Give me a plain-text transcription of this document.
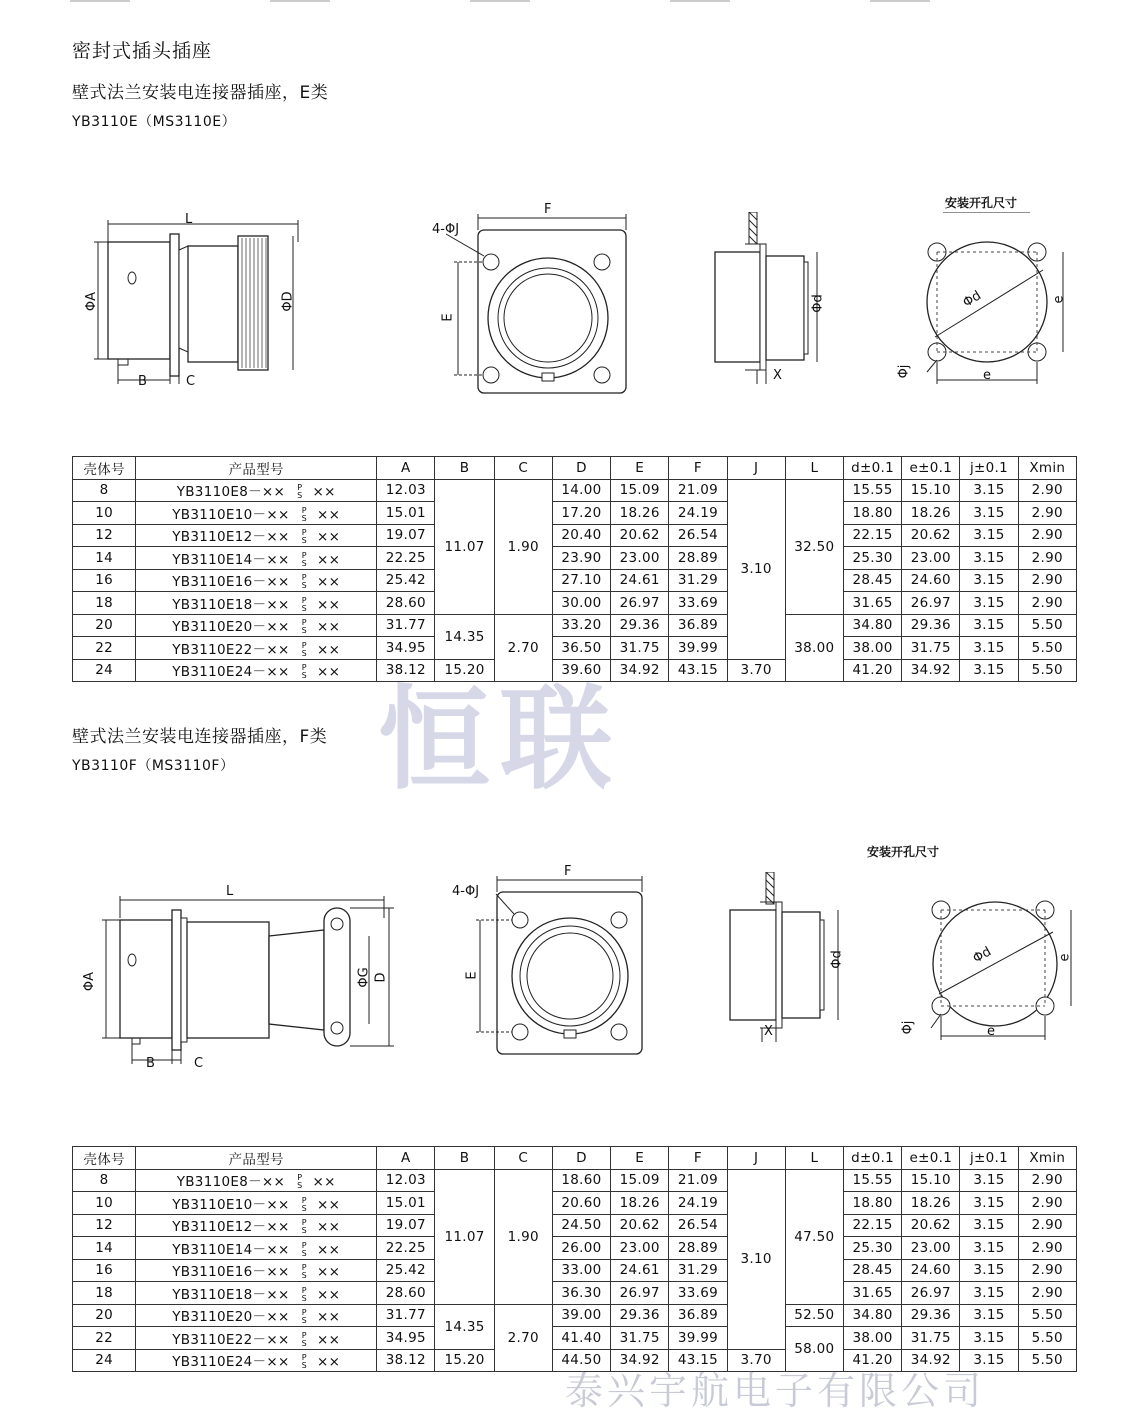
密封式插头插座
壁式法兰安装电连接器插座，E类
YB3110E（MS3110E）
L
ΦA	ΦD
B	C
4-ΦJ
F
E
Φd
X
安装开孔尺寸
Φd	e
e
Φj
壳体号	产品型号	A	B	C	D	E	F	J	L	d±0.1	e±0.1	j±0.1	Xmin
8	YB3110E8－×× P
S ××	12.03	11.07	1.90	14.00	15.09	21.09	3.10	32.50	15.55	15.10	3.15	2.90
10	YB3110E10－×× P
S ××	15.01			17.20	18.26	24.19			18.80	18.26	3.15	2.90
12	YB3110E12－×× P
S ××	19.07			20.40	20.62	26.54			22.15	20.62	3.15	2.90
14	YB3110E14－×× P
S ××	22.25			23.90	23.00	28.89			25.30	23.00	3.15	2.90
16	YB3110E16－×× P
S ××	25.42			27.10	24.61	31.29			28.45	24.60	3.15	2.90
18	YB3110E18－×× P
S ××	28.60			30.00	26.97	33.69			31.65	26.97	3.15	2.90
20	YB3110E20－×× P
S ××	31.77	14.35	2.70	33.20	29.36	36.89		38.00	34.80	29.36	3.15	5.50
22	YB3110E22－×× P
S ××	34.95			36.50	31.75	39.99			38.00	31.75	3.15	5.50
24	YB3110E24－×× P
S ××	38.12	15.20		39.60	34.92	43.15	3.70		41.20	34.92	3.15	5.50
恒联
壁式法兰安装电连接器插座，F类
YB3110F（MS3110F）
L
ΦA	ΦG D
B	C
4-ΦJ
F
E
Φd
X
安装开孔尺寸
Φd	e
e
Φj
壳体号	产品型号	A	B	C	D	E	F	J	L	d±0.1	e±0.1	j±0.1	Xmin
8	YB3110E8－×× P
S ××	12.03	11.07	1.90	18.60	15.09	21.09	3.10	47.50	15.55	15.10	3.15	2.90
10	YB3110E10－×× P
S ××	15.01			20.60	18.26	24.19			18.80	18.26	3.15	2.90
12	YB3110E12－×× P
S ××	19.07			24.50	20.62	26.54			22.15	20.62	3.15	2.90
14	YB3110E14－×× P
S ××	22.25			26.00	23.00	28.89			25.30	23.00	3.15	2.90
16	YB3110E16－×× P
S ××	25.42			33.00	24.61	31.29			28.45	24.60	3.15	2.90
18	YB3110E18－×× P
S ××	28.60			36.30	26.97	33.69			31.65	26.97	3.15	2.90
20	YB3110E20－×× P
S ××	31.77	14.35	2.70	39.00	29.36	36.89		52.50	34.80	29.36	3.15	5.50
22	YB3110E22－×× P
S ××	34.95			41.40	31.75	39.99		58.00	38.00	31.75	3.15	5.50
24	YB3110E24－×× P
S ××	38.12	15.20		44.50	34.92	43.15	3.70		41.20	34.92	3.15	5.50
泰兴宇航电子有限公司
